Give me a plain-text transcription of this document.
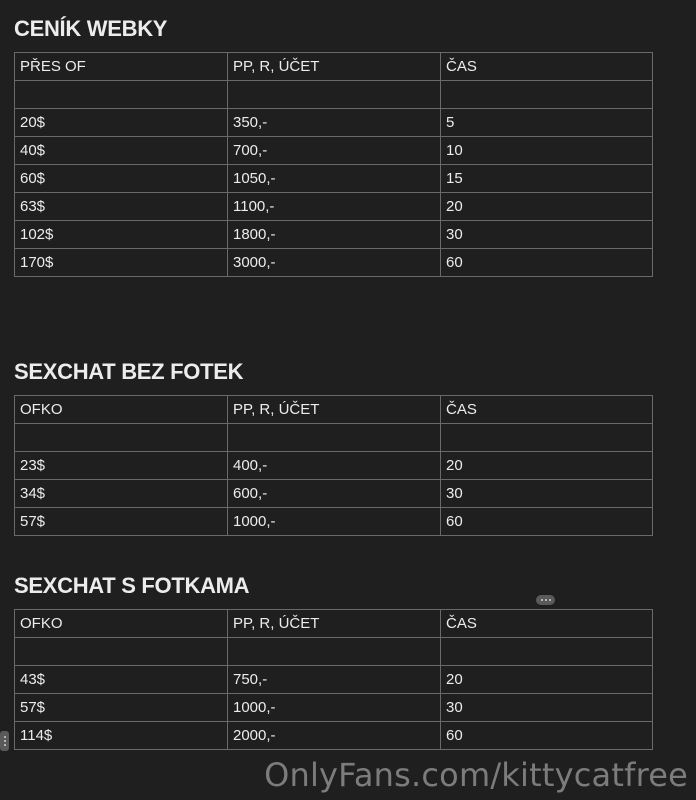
CENÍK WEBKY
PŘES OF	PP, R, ÚČET	ČAS

20$	350,-	5
40$	700,-	10
60$	1050,-	15
63$	1100,-	20
102$	1800,-	30
170$	3000,-	60
SEXCHAT BEZ FOTEK
OFKO	PP, R, ÚČET	ČAS

23$	400,-	20
34$	600,-	30
57$	1000,-	60
SEXCHAT S FOTKAMA
OFKO	PP, R, ÚČET	ČAS

43$	750,-	20
57$	1000,-	30
114$	2000,-	60
OnlyFans.com/kittycatfree
